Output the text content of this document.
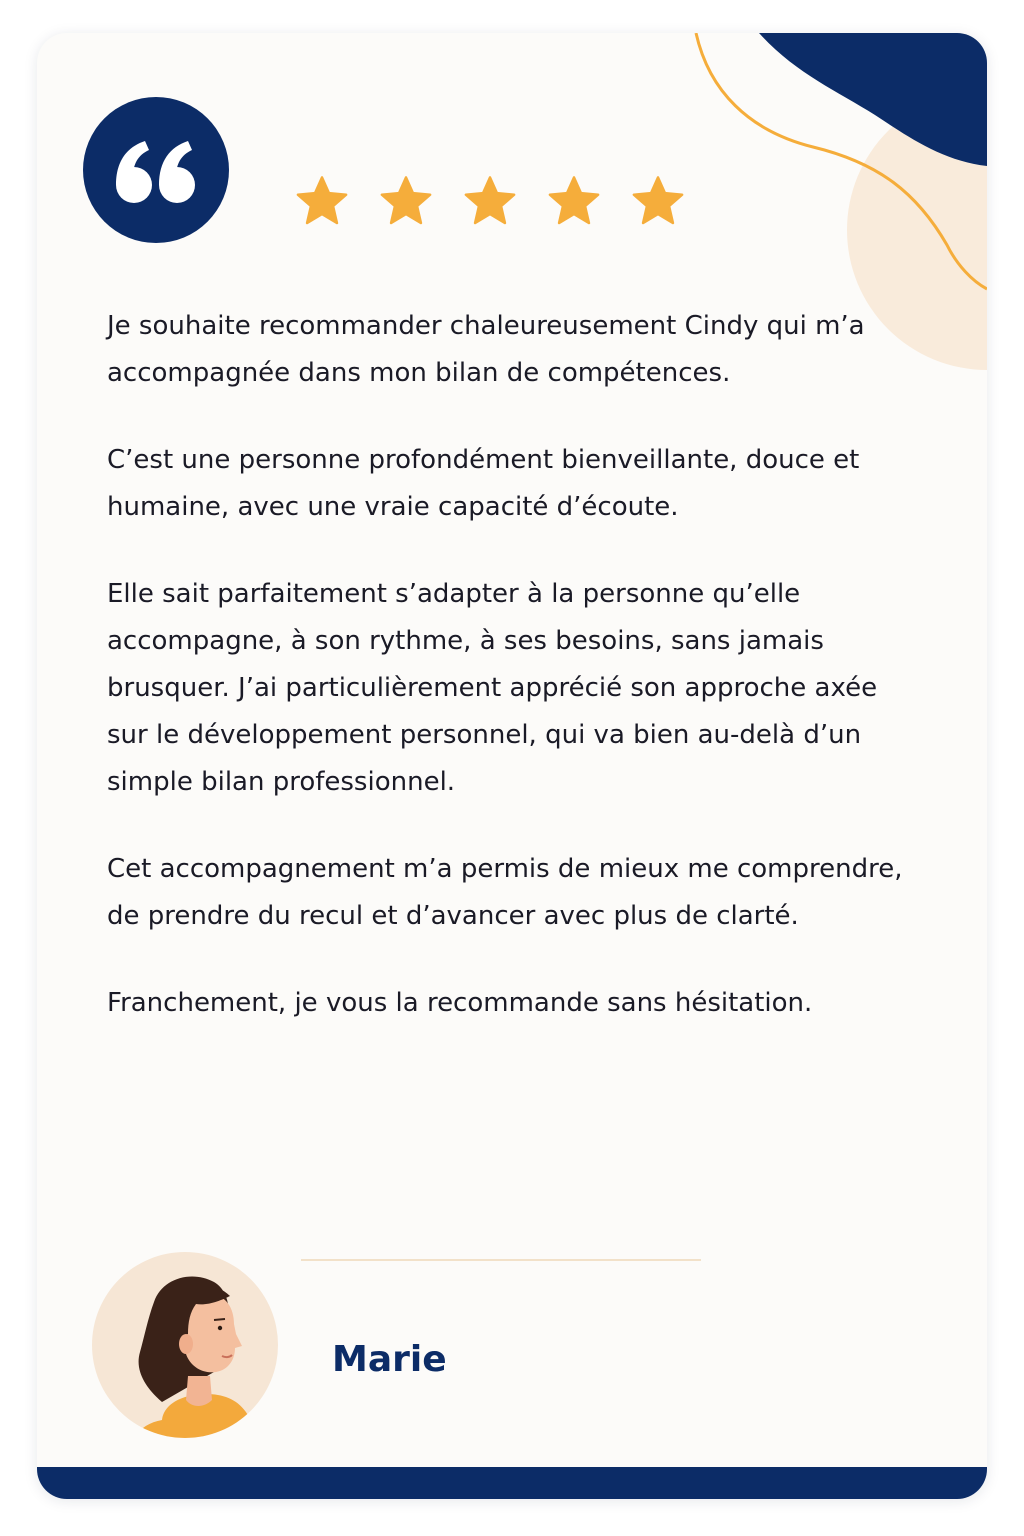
Je souhaite recommander chaleureusement Cindy qui m’a accompagnée dans mon bilan de compétences.

C’est une personne profondément bienveillante, douce et humaine, avec une vraie capacité d’écoute.

Elle sait parfaitement s’adapter à la personne qu’elle accompagne, à son rythme, à ses besoins, sans jamais brusquer. J’ai particulièrement apprécié son approche axée sur le développement personnel, qui va bien au-delà d’un simple bilan professionnel.

Cet accompagnement m’a permis de mieux me comprendre, de prendre du recul et d’avancer avec plus de clarté.

Franchement, je vous la recommande sans hésitation.

Marie
